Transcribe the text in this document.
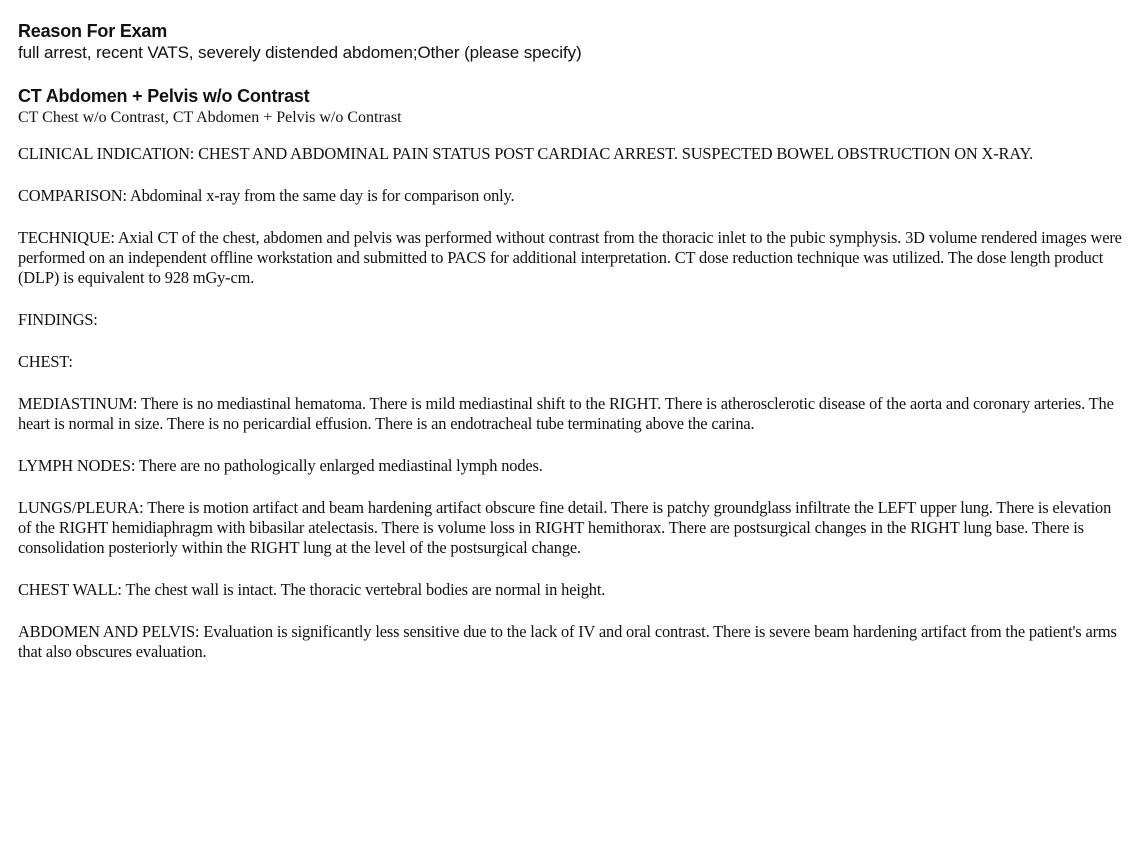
Reason For Exam

full arrest, recent VATS, severely distended abdomen;Other (please specify)

CT Abdomen + Pelvis w/o Contrast

CT Chest w/o Contrast, CT Abdomen + Pelvis w/o Contrast

CLINICAL INDICATION: CHEST AND ABDOMINAL PAIN STATUS POST CARDIAC ARREST. SUSPECTED BOWEL OBSTRUCTION ON X-RAY.

COMPARISON: Abdominal x-ray from the same day is for comparison only.

TECHNIQUE: Axial CT of the chest, abdomen and pelvis was performed without contrast from the thoracic inlet to the pubic symphysis. 3D volume rendered images were performed on an independent offline workstation and submitted to PACS for additional interpretation. CT dose reduction technique was utilized. The dose length product (DLP) is equivalent to 928 mGy-cm.

FINDINGS:

CHEST:

MEDIASTINUM: There is no mediastinal hematoma. There is mild mediastinal shift to the RIGHT. There is atherosclerotic disease of the aorta and coronary arteries. The heart is normal in size. There is no pericardial effusion. There is an endotracheal tube terminating above the carina.

LYMPH NODES: There are no pathologically enlarged mediastinal lymph nodes.

LUNGS/PLEURA: There is motion artifact and beam hardening artifact obscure fine detail. There is patchy groundglass infiltrate the LEFT upper lung. There is elevation of the RIGHT hemidiaphragm with bibasilar atelectasis. There is volume loss in RIGHT hemithorax. There are postsurgical changes in the RIGHT lung base. There is consolidation posteriorly within the RIGHT lung at the level of the postsurgical change.

CHEST WALL: The chest wall is intact. The thoracic vertebral bodies are normal in height.

ABDOMEN AND PELVIS: Evaluation is significantly less sensitive due to the lack of IV and oral contrast. There is severe beam hardening artifact from the patient's arms that also obscures evaluation.
